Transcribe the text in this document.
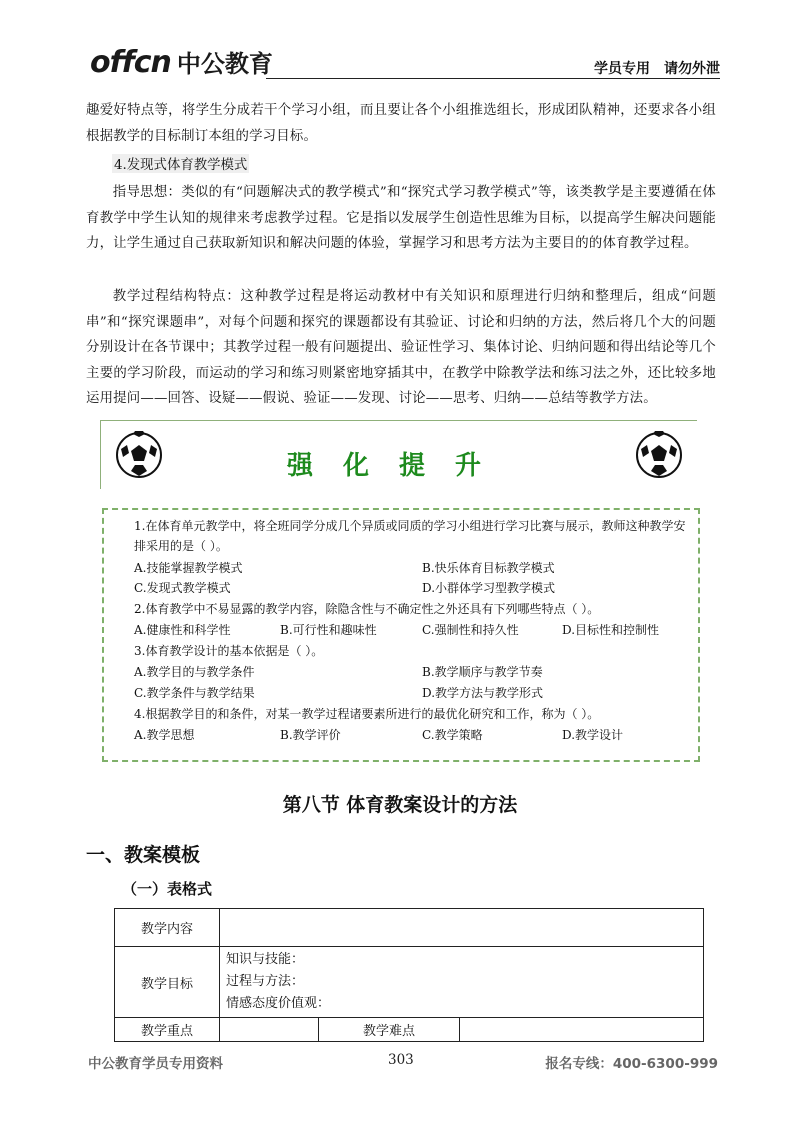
offcn 中公教育	学员专用 请勿外泄
趣爱好特点等，将学生分成若干个学习小组，而且要让各个小组推选组长，形成团队精神，还要求各小组根据教学的目标制订本组的学习目标。
4.发现式体育教学模式
指导思想：类似的有“问题解决式的教学模式”和“探究式学习教学模式”等，该类教学是主要遵循在体育教学中学生认知的规律来考虑教学过程。它是指以发展学生创造性思维为目标，以提高学生解决问题能力，让学生通过自己获取新知识和解决问题的体验，掌握学习和思考方法为主要目的的体育教学过程。
教学过程结构特点：这种教学过程是将运动教材中有关知识和原理进行归纳和整理后，组成“问题串”和“探究课题串”，对每个问题和探究的课题都设有其验证、讨论和归纳的方法，然后将几个大的问题分别设计在各节课中；其教学过程一般有问题提出、验证性学习、集体讨论、归纳问题和得出结论等几个主要的学习阶段，而运动的学习和练习则紧密地穿插其中，在教学中除教学法和练习法之外，还比较多地运用提问——回答、设疑——假说、验证——发现、讨论——思考、归纳——总结等教学方法。
强化提升
1.在体育单元教学中，将全班同学分成几个异质或同质的学习小组进行学习比赛与展示，教师这种教学安
排采用的是（ ）。
A.技能掌握教学模式	B.快乐体育目标教学模式
C.发现式教学模式	D.小群体学习型教学模式
2.体育教学中不易显露的教学内容，除隐含性与不确定性之外还具有下列哪些特点（ ）。
A.健康性和科学性	B.可行性和趣味性	C.强制性和持久性	D.目标性和控制性
3.体育教学设计的基本依据是（ ）。
A.教学目的与教学条件	B.教学顺序与教学节奏
C.教学条件与教学结果	D.教学方法与教学形式
4.根据教学目的和条件，对某一教学过程诸要素所进行的最优化研究和工作，称为（ ）。
A.教学思想	B.教学评价	C.教学策略	D.教学设计
第八节 体育教案设计的方法
一、教案模板
（一）表格式
教学内容			
教学目标	知识与技能：
过程与方法：
情感态度价值观：		

教学重点		教学难点	
中公教育学员专用资料	303	报名专线：400-6300-999
